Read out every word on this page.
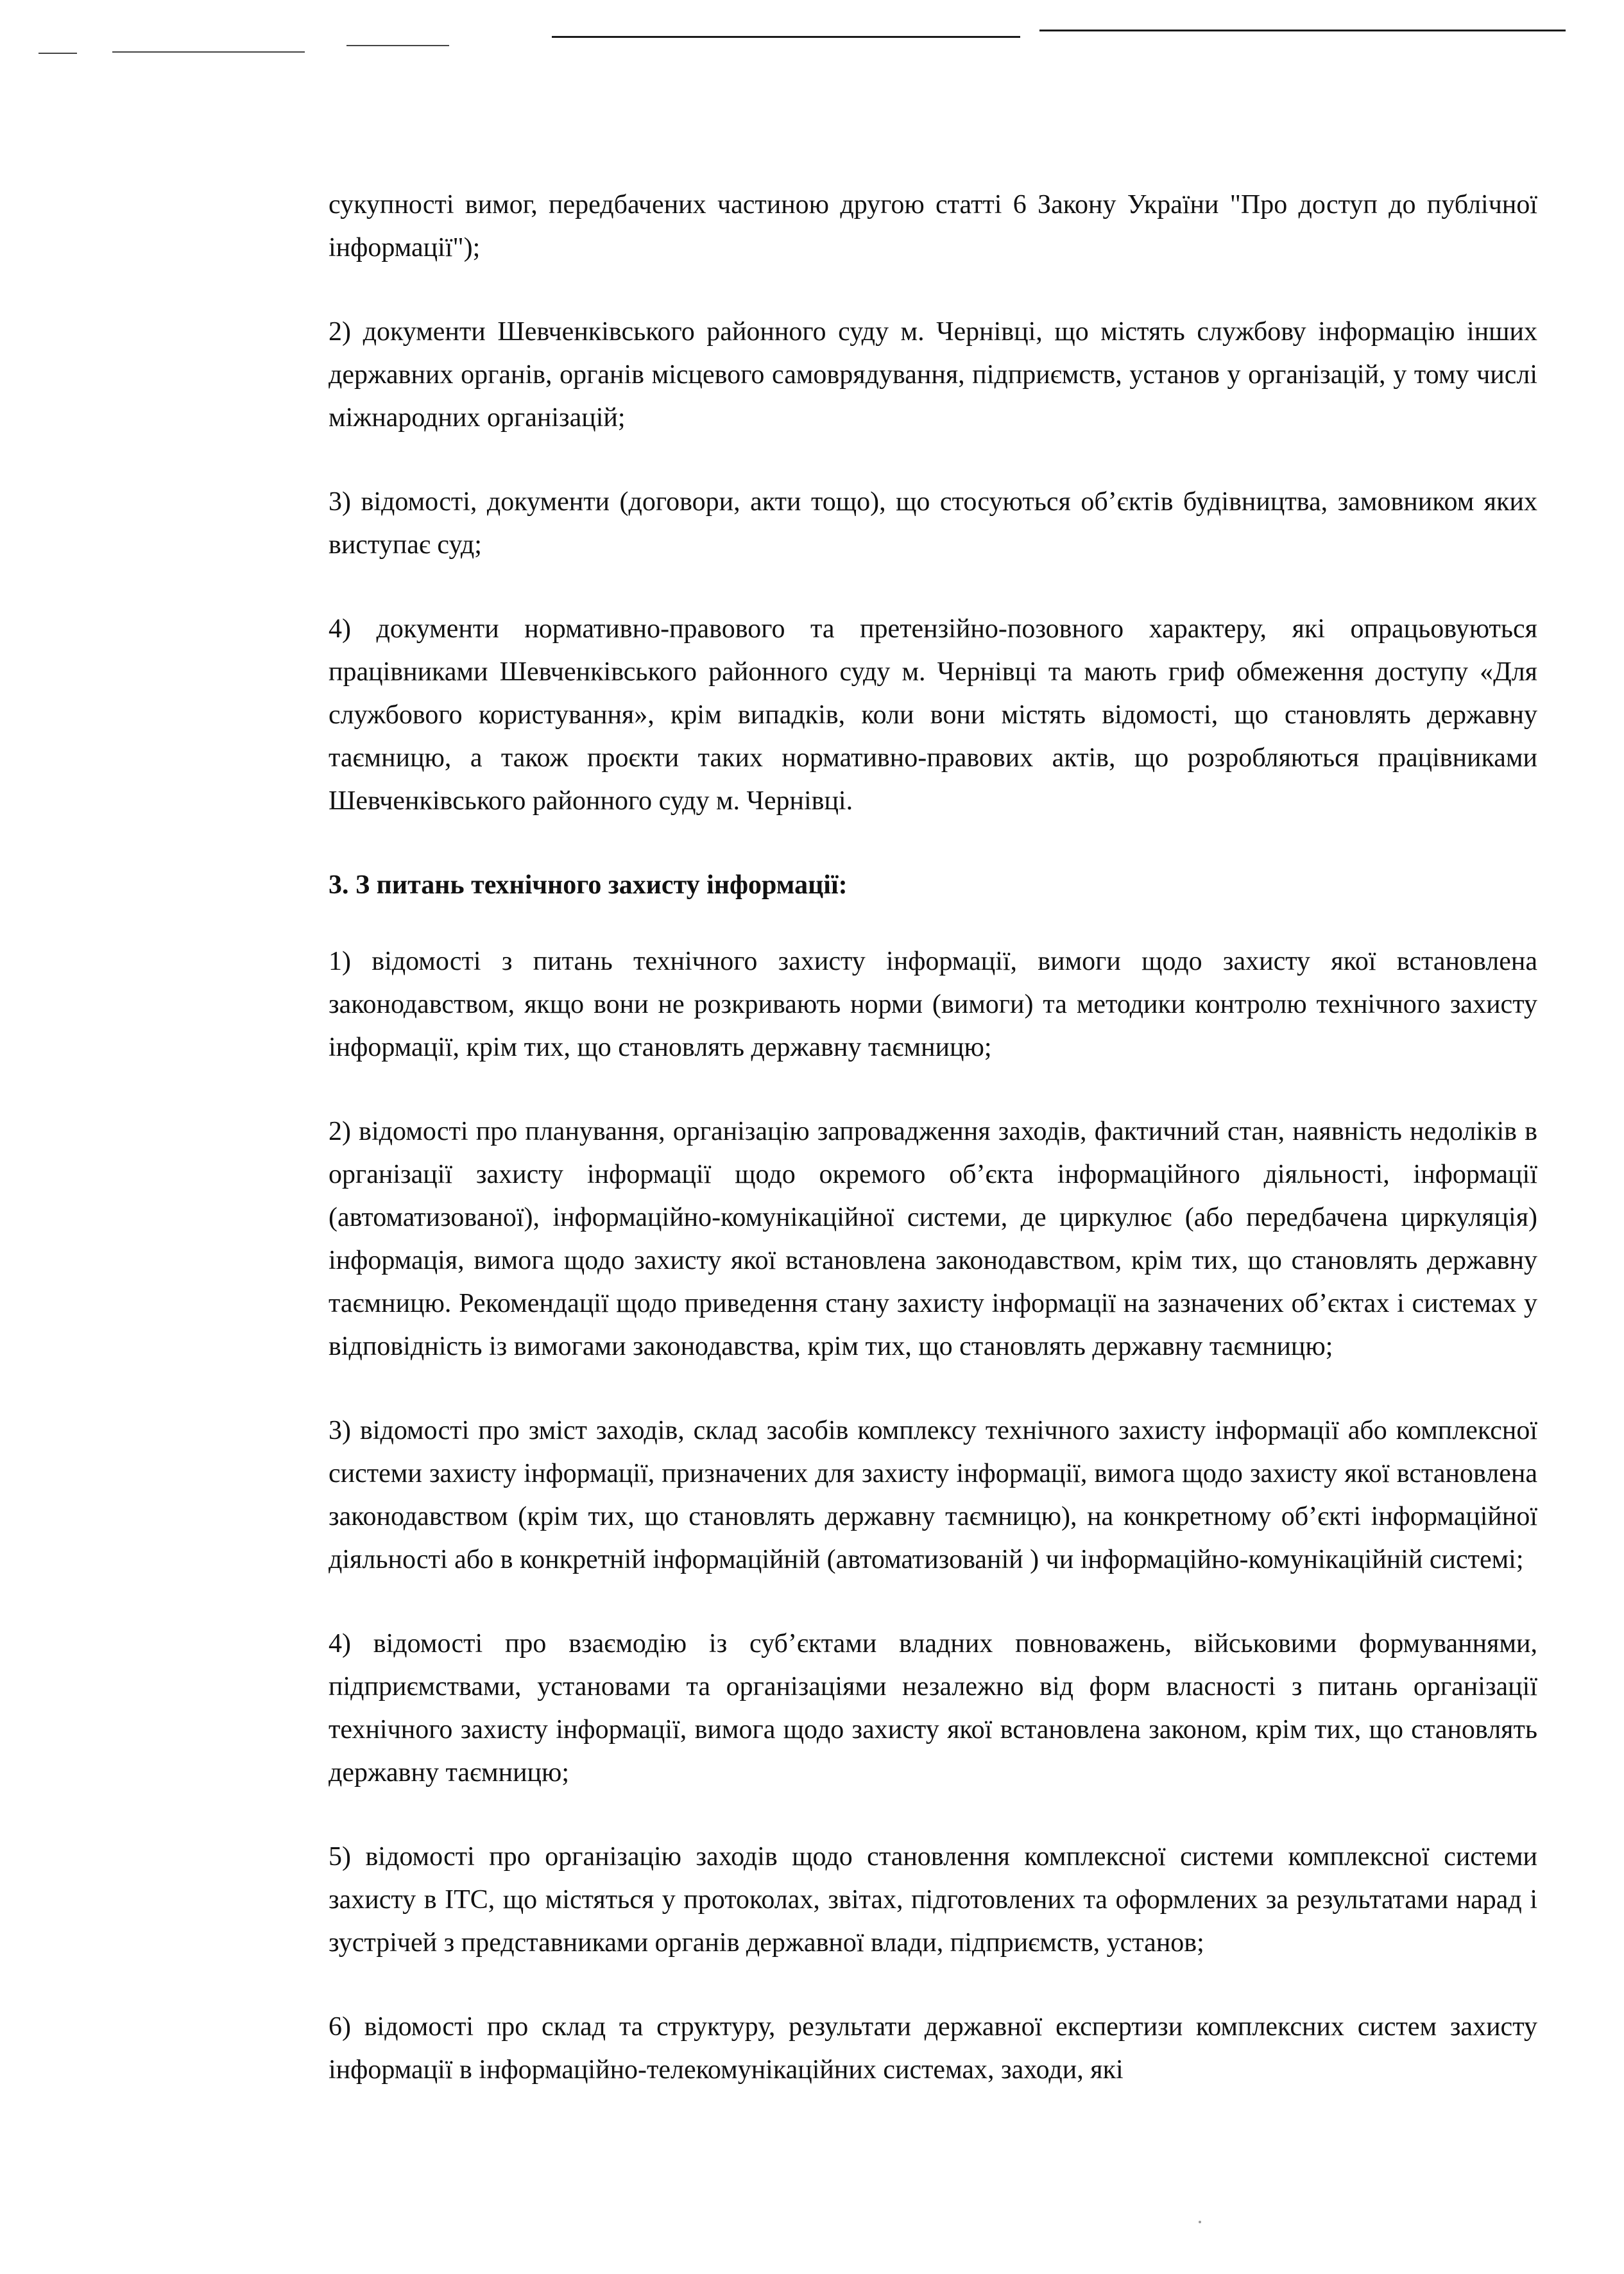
сукупності вимог, передбачених частиною другою статті 6 Закону України "Про доступ до публічної інформації");

2) документи Шевченківського районного суду м. Чернівці, що містять службову інформацію інших державних органів, органів місцевого самоврядування, підприємств, установ у організацій, у тому числі міжнародних організацій;

3) відомості, документи (договори, акти тощо), що стосуються об’єктів будівництва, замовником яких виступає суд;

4) документи нормативно-правового та претензійно-позовного характеру, які опрацьовуються працівниками Шевченківського районного суду м. Чернівці та мають гриф обмеження доступу «Для службового користування», крім випадків, коли вони містять відомості, що становлять державну таємницю, а також проєкти таких нормативно-правових актів, що розробляються працівниками Шевченківського районного суду м. Чернівці.

3. З питань технічного захисту інформації:

1) відомості з питань технічного захисту інформації, вимоги щодо захисту якої встановлена законодавством, якщо вони не розкривають норми (вимоги) та методики контролю технічного захисту інформації, крім тих, що становлять державну таємницю;

2) відомості про планування, організацію запровадження заходів, фактичний стан, наявність недоліків в організації захисту інформації щодо окремого об’єкта інформаційного діяльності, інформації (автоматизованої), інформаційно-комунікаційної системи, де циркулює (або передбачена циркуляція) інформація, вимога щодо захисту якої встановлена законодавством, крім тих, що становлять державну таємницю. Рекомендації щодо приведення стану захисту інформації на зазначених об’єктах і системах у відповідність із вимогами законодавства, крім тих, що становлять державну таємницю;

3) відомості про зміст заходів, склад засобів комплексу технічного захисту інформації або комплексної системи захисту інформації, призначених для захисту інформації, вимога щодо захисту якої встановлена законодавством (крім тих, що становлять державну таємницю), на конкретному об’єкті інформаційної діяльності або в конкретній інформаційній (автоматизованій ) чи інформаційно-комунікаційній системі;

4) відомості про взаємодію із суб’єктами владних повноважень, військовими формуваннями, підприємствами, установами та організаціями незалежно від форм власності з питань організації технічного захисту інформації, вимога щодо захисту якої встановлена законом, крім тих, що становлять державну таємницю;

5) відомості про організацію заходів щодо становлення комплексної системи комплексної системи захисту в ІТС, що містяться у протоколах, звітах, підготовлених та оформлених за результатами нарад і зустрічей з представниками органів державної влади, підприємств, установ;

6) відомості про склад та структуру, результати державної експертизи комплексних систем захисту інформації в інформаційно-телекомунікаційних системах, заходи, які
